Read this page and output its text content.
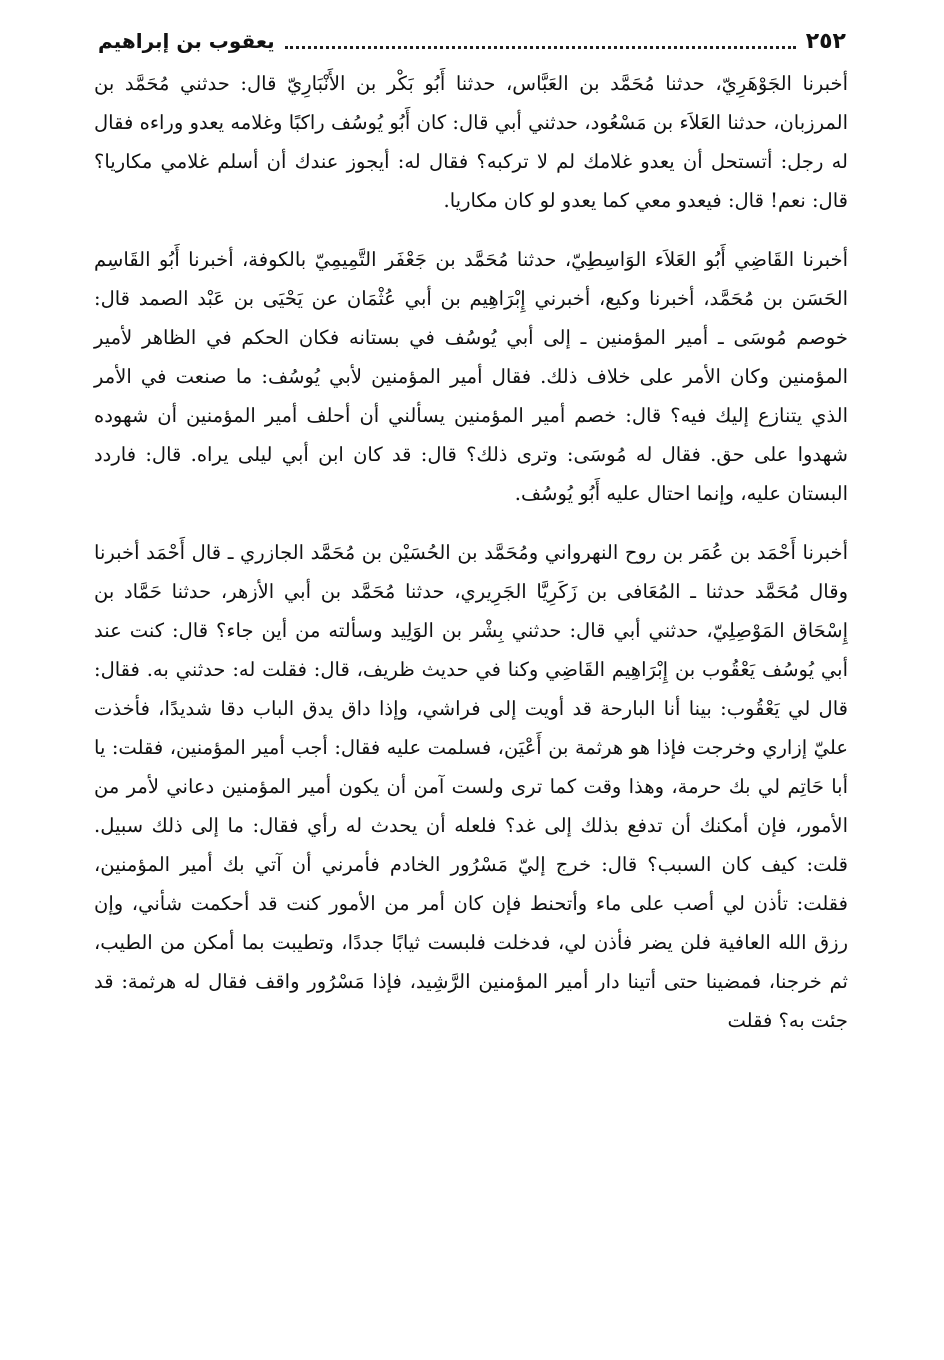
٢٥٢
يعقوب بن إبراهيم

أخبرنا الجَوْهَرِيّ، حدثنا مُحَمَّد بن العَبَّاس، حدثنا أَبُو بَكْر بن الأَنْبَارِيّ قال: حدثني مُحَمَّد بن المرزبان، حدثنا العَلاَء بن مَسْعُود، حدثني أبي قال: كان أَبُو يُوسُف راكبًا وغلامه يعدو وراءه فقال له رجل: أتستحل أن يعدو غلامك لم لا تركبه؟ فقال له: أيجوز عندك أن أسلم غلامي مكاريا؟ قال: نعم! قال: فيعدو معي كما يعدو لو كان مكاريا.

أخبرنا القَاضِي أَبُو العَلاَء الوَاسِطِيّ، حدثنا مُحَمَّد بن جَعْفَر التَّمِيمِيّ بالكوفة، أخبرنا أَبُو القَاسِم الحَسَن بن مُحَمَّد، أخبرنا وكيع، أخبرني إِبْرَاهِيم بن أبي عُثْمَان عن يَحْيَى بن عَبْد الصمد قال: خوصم مُوسَى ـ أمير المؤمنين ـ إلى أبي يُوسُف في بستانه فكان الحكم في الظاهر لأمير المؤمنين وكان الأمر على خلاف ذلك. فقال أمير المؤمنين لأبي يُوسُف: ما صنعت في الأمر الذي يتنازع إليك فيه؟ قال: خصم أمير المؤمنين يسألني أن أحلف أمير المؤمنين أن شهوده شهدوا على حق. فقال له مُوسَى: وترى ذلك؟ قال: قد كان ابن أبي ليلى يراه. قال: فاردد البستان عليه، وإنما احتال عليه أَبُو يُوسُف.

أخبرنا أَحْمَد بن عُمَر بن روح النهرواني ومُحَمَّد بن الحُسَيْن بن مُحَمَّد الجازري ـ قال أَحْمَد أخبرنا وقال مُحَمَّد حدثنا ـ المُعَافى بن زَكَرِيَّا الجَرِيري، حدثنا مُحَمَّد بن أبي الأزهر، حدثنا حَمَّاد بن إِسْحَاق المَوْصِلِيّ، حدثني أبي قال: حدثني بِشْر بن الوَلِيد وسألته من أين جاء؟ قال: كنت عند أبي يُوسُف يَعْقُوب بن إِبْرَاهِيم القَاضِي وكنا في حديث ظريف، قال: فقلت له: حدثني به. فقال: قال لي يَعْقُوب: بينا أنا البارحة قد أويت إلى فراشي، وإذا داق يدق الباب دقا شديدًا، فأخذت عليّ إزاري وخرجت فإذا هو هرثمة بن أَعْيَن، فسلمت عليه فقال: أجب أمير المؤمنين، فقلت: يا أبا حَاتِم لي بك حرمة، وهذا وقت كما ترى ولست آمن أن يكون أمير المؤمنين دعاني لأمر من الأمور، فإن أمكنك أن تدفع بذلك إلى غد؟ فلعله أن يحدث له رأي فقال: ما إلى ذلك سبيل. قلت: كيف كان السبب؟ قال: خرج إليّ مَسْرُور الخادم فأمرني أن آتي بك أمير المؤمنين، فقلت: تأذن لي أصب على ماء وأتحنط فإن كان أمر من الأمور كنت قد أحكمت شأني، وإن رزق الله العافية فلن يضر فأذن لي، فدخلت فلبست ثيابًا جددًا، وتطيبت بما أمكن من الطيب، ثم خرجنا، فمضينا حتى أتينا دار أمير المؤمنين الرَّشِيد، فإذا مَسْرُور واقف فقال له هرثمة: قد جئت به؟ فقلت
